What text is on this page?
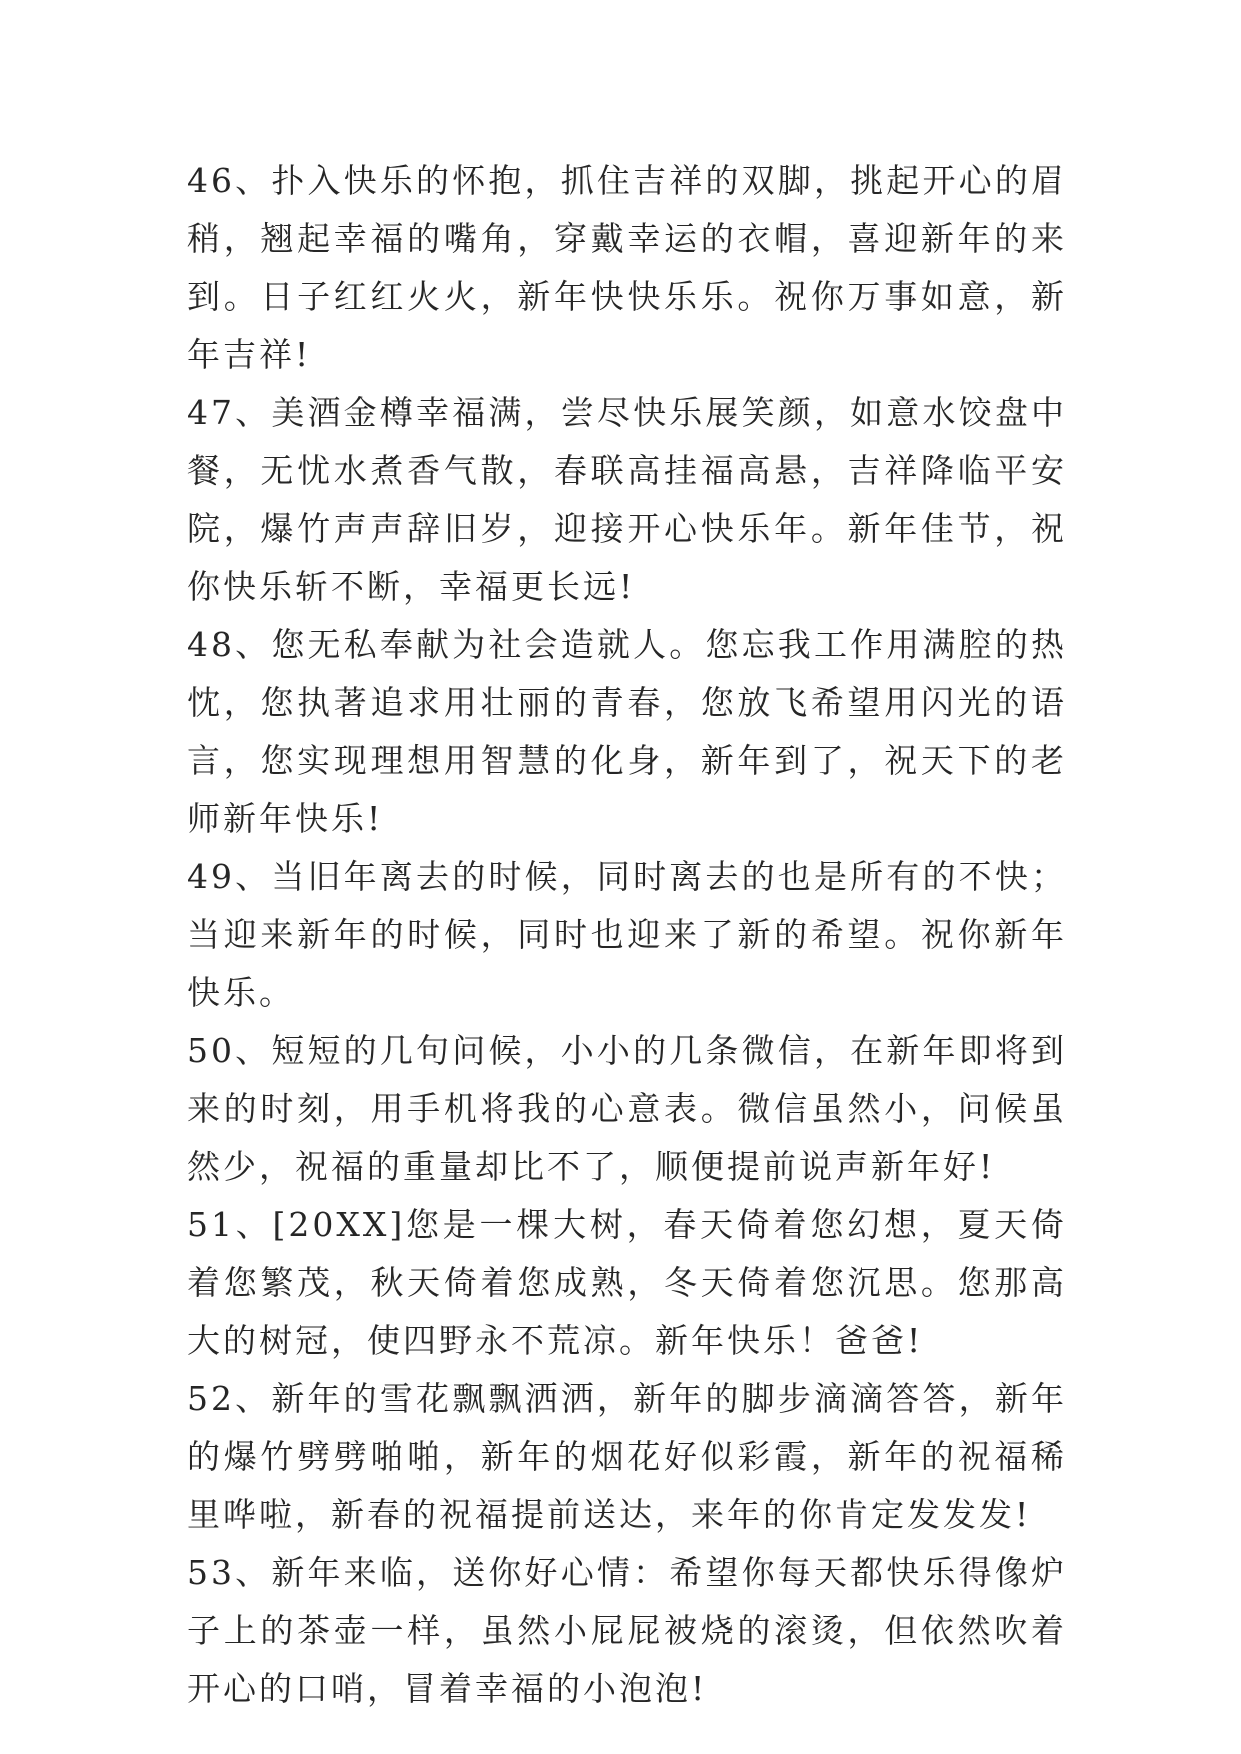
46、扑入快乐的怀抱，抓住吉祥的双脚，挑起开心的眉稍，翘起幸福的嘴角，穿戴幸运的衣帽，喜迎新年的来到。日子红红火火，新年快快乐乐。祝你万事如意，新年吉祥!

47、美酒金樽幸福满，尝尽快乐展笑颜，如意水饺盘中餐，无忧水煮香气散，春联高挂福高悬，吉祥降临平安院，爆竹声声辞旧岁，迎接开心快乐年。新年佳节，祝你快乐斩不断，幸福更长远!

48、您无私奉献为社会造就人。您忘我工作用满腔的热忱，您执著追求用壮丽的青春，您放飞希望用闪光的语言，您实现理想用智慧的化身，新年到了，祝天下的老师新年快乐!

49、当旧年离去的时候，同时离去的也是所有的不快；当迎来新年的时候，同时也迎来了新的希望。祝你新年快乐。

50、短短的几句问候，小小的几条微信，在新年即将到来的时刻，用手机将我的心意表。微信虽然小，问候虽然少，祝福的重量却比不了，顺便提前说声新年好!

51、[20XX]您是一棵大树，春天倚着您幻想，夏天倚着您繁茂，秋天倚着您成熟，冬天倚着您沉思。您那高大的树冠，使四野永不荒凉。新年快乐！爸爸!

52、新年的雪花飘飘洒洒，新年的脚步滴滴答答，新年的爆竹劈劈啪啪，新年的烟花好似彩霞，新年的祝福稀里哗啦，新春的祝福提前送达，来年的你肯定发发发!

53、新年来临，送你好心情：希望你每天都快乐得像炉子上的茶壶一样，虽然小屁屁被烧的滚烫，但依然吹着开心的口哨，冒着幸福的小泡泡!
